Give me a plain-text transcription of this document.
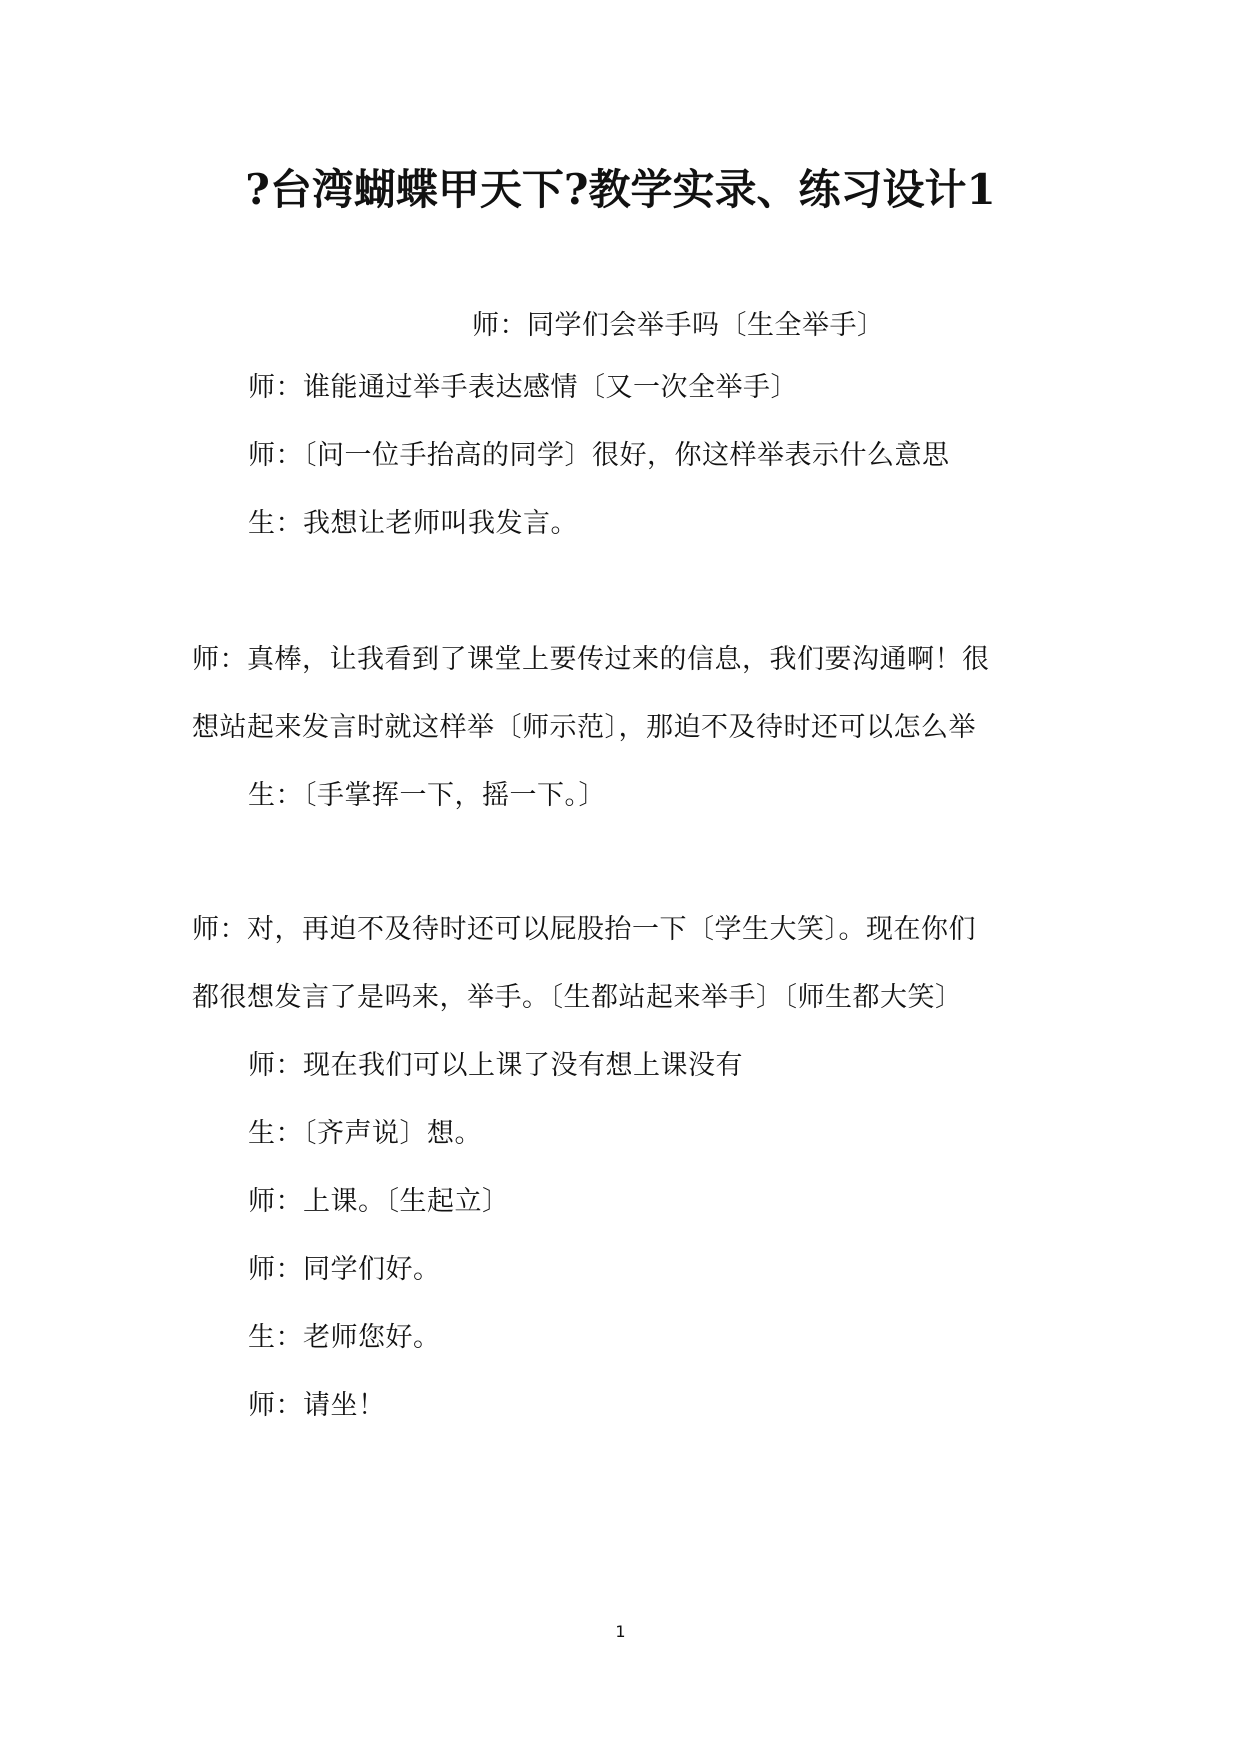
?台湾蝴蝶甲天下?教学实录、练习设计1
师：同学们会举手吗〔生全举手〕
师：谁能通过举手表达感情〔又一次全举手〕
师：〔问一位手抬高的同学〕很好，你这样举表示什么意思
生：我想让老师叫我发言。
师：真棒，让我看到了课堂上要传过来的信息，我们要沟通啊！很
想站起来发言时就这样举〔师示范〕，那迫不及待时还可以怎么举
生：〔手掌挥一下，摇一下。〕
师：对，再迫不及待时还可以屁股抬一下〔学生大笑〕。现在你们
都很想发言了是吗来，举手。〔生都站起来举手〕〔师生都大笑〕
师：现在我们可以上课了没有想上课没有
生：〔齐声说〕想。
师：上课。〔生起立〕
师：同学们好。
生：老师您好。
师：请坐！
1
